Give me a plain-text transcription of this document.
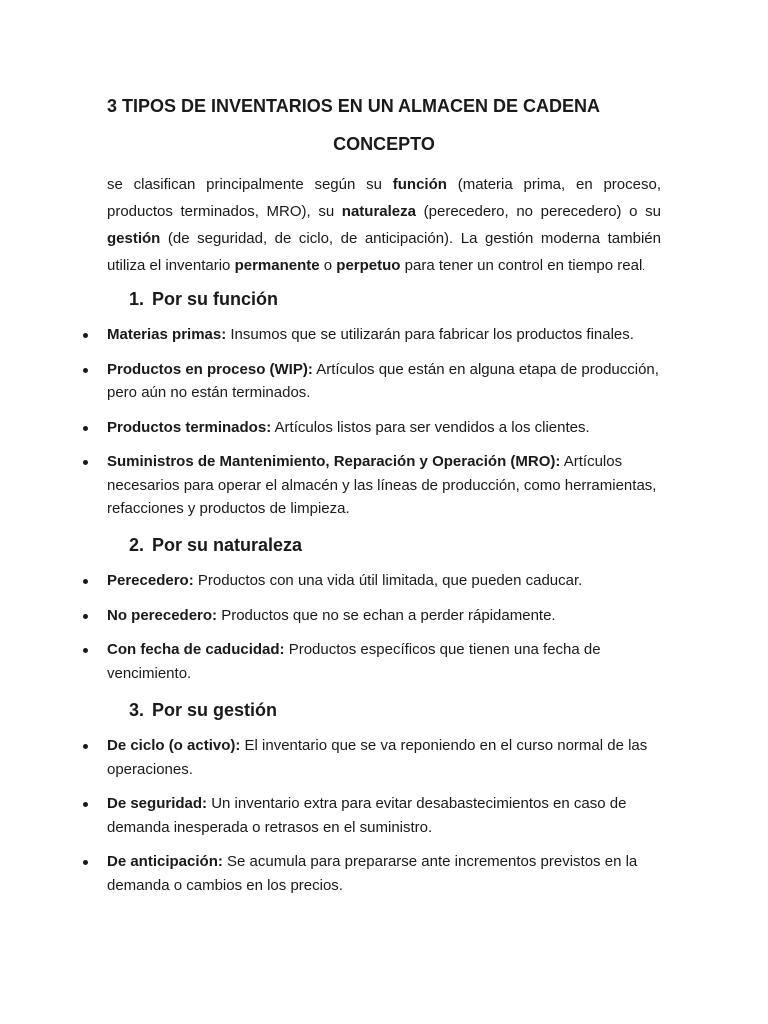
3 TIPOS DE INVENTARIOS EN UN ALMACEN DE CADENA
CONCEPTO

se clasifican principalmente según su función (materia prima, en proceso, productos terminados, MRO), su naturaleza (perecedero, no perecedero) o su gestión (de seguridad, de ciclo, de anticipación). La gestión moderna también utiliza el inventario permanente o perpetuo para tener un control en tiempo real.

1. Por su función
Materias primas: Insumos que se utilizarán para fabricar los productos finales.
Productos en proceso (WIP): Artículos que están en alguna etapa de producción, pero aún no están terminados.
Productos terminados: Artículos listos para ser vendidos a los clientes.
Suministros de Mantenimiento, Reparación y Operación (MRO): Artículos necesarios para operar el almacén y las líneas de producción, como herramientas, refacciones y productos de limpieza.
2. Por su naturaleza
Perecedero: Productos con una vida útil limitada, que pueden caducar.
No perecedero: Productos que no se echan a perder rápidamente.
Con fecha de caducidad: Productos específicos que tienen una fecha de vencimiento.
3. Por su gestión
De ciclo (o activo): El inventario que se va reponiendo en el curso normal de las operaciones.
De seguridad: Un inventario extra para evitar desabastecimientos en caso de demanda inesperada o retrasos en el suministro.
De anticipación: Se acumula para prepararse ante incrementos previstos en la demanda o cambios en los precios.
